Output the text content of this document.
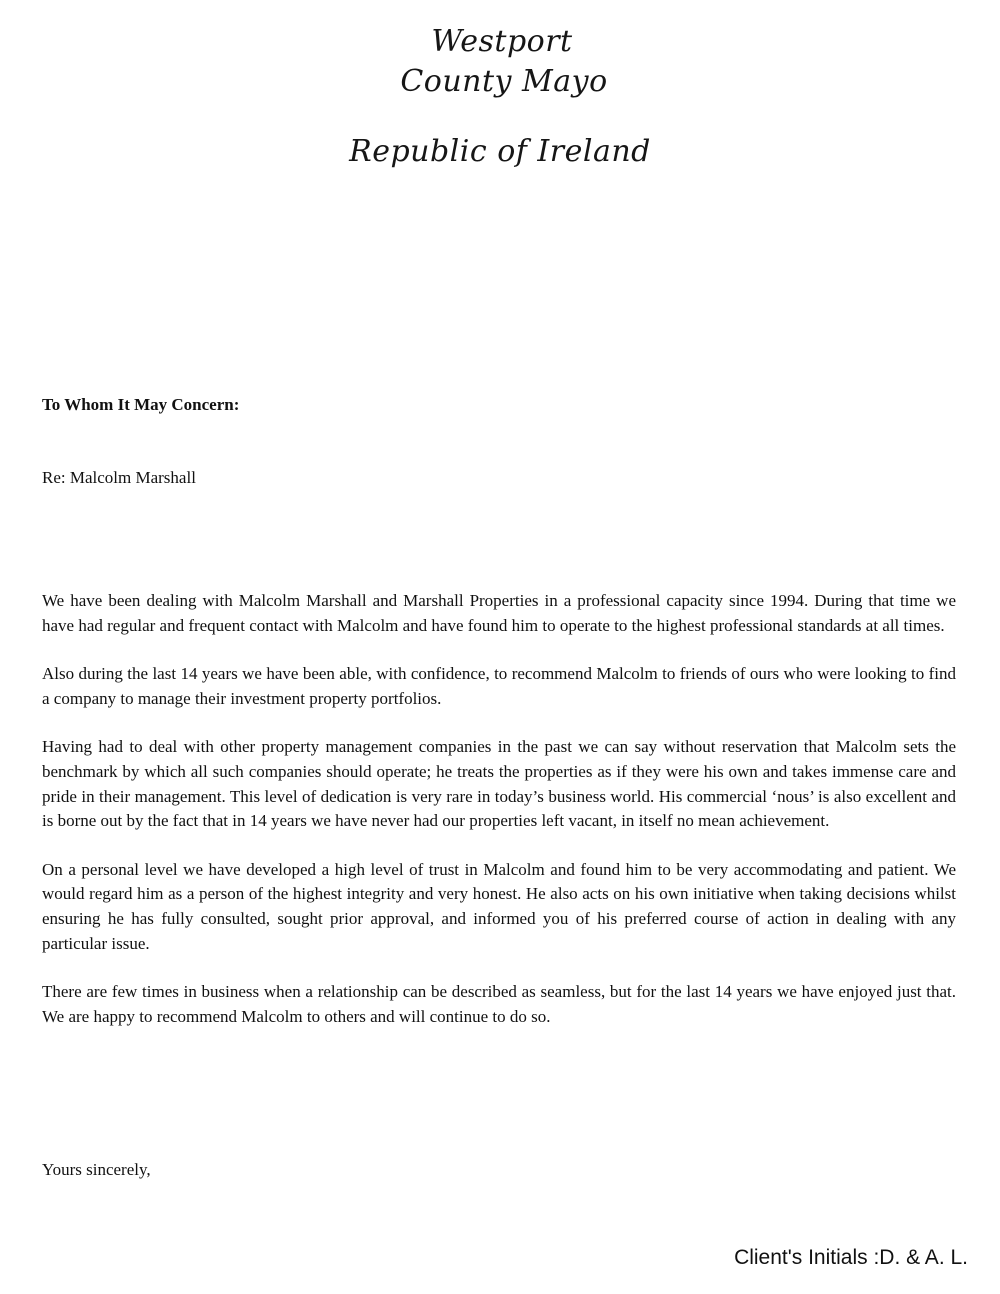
Westport
County Mayo
Republic of Ireland
To Whom It May Concern:
Re: Malcolm Marshall

We have been dealing with Malcolm Marshall and Marshall Properties in a professional capacity since 1994. During that time we have had regular and frequent contact with Malcolm and have found him to operate to the highest professional standards at all times.

Also during the last 14 years we have been able, with confidence, to recommend Malcolm to friends of ours who were looking to find a company to manage their investment property portfolios.

Having had to deal with other property management companies in the past we can say without reservation that Malcolm sets the benchmark by which all such companies should operate; he treats the properties as if they were his own and takes immense care and pride in their management. This level of dedication is very rare in today’s business world. His commercial ‘nous’ is also excellent and is borne out by the fact that in 14 years we have never had our properties left vacant, in itself no mean achievement.

On a personal level we have developed a high level of trust in Malcolm and found him to be very accommodating and patient. We would regard him as a person of the highest integrity and very honest. He also acts on his own initiative when taking decisions whilst ensuring he has fully consulted, sought prior approval, and informed you of his preferred course of action in dealing with any particular issue.

There are few times in business when a relationship can be described as seamless, but for the last 14 years we have enjoyed just that. We are happy to recommend Malcolm to others and will continue to do so.

Yours sincerely,
Client's Initials :D. & A. L.
